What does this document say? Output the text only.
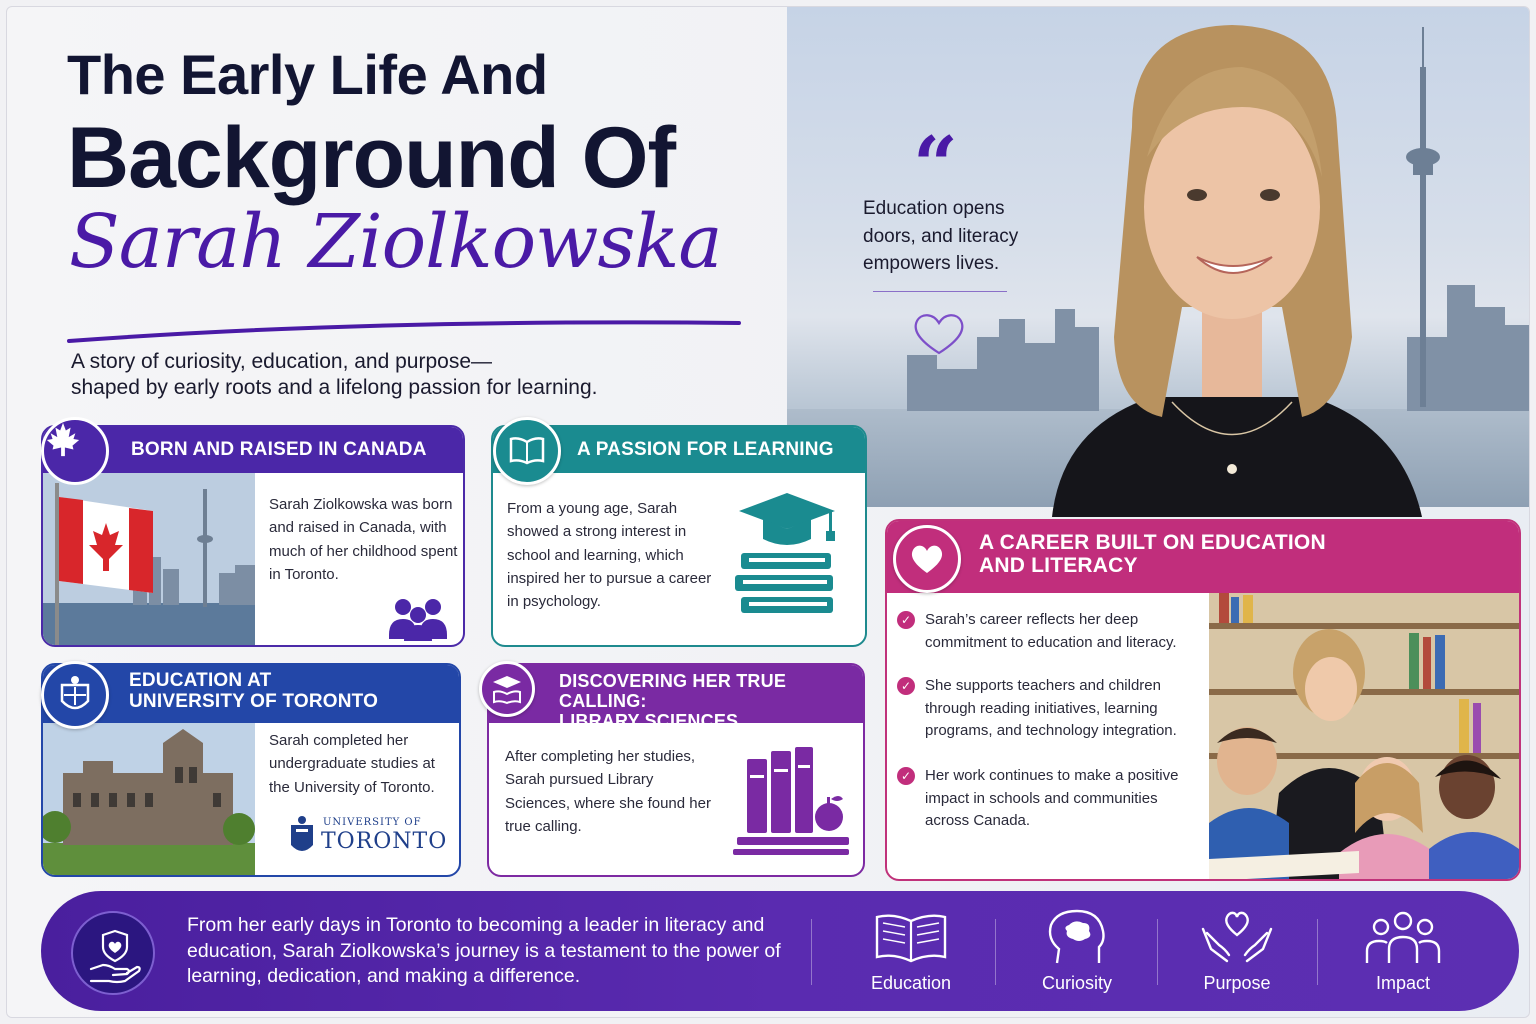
The Early Life And
Background Of
Sarah Ziolkowska
A story of curiosity, education, and purpose—
shaped by early roots and a lifelong passion for learning.
“
Education opens doors, and literacy empowers lives.
BORN AND RAISED IN CANADA
Sarah Ziolkowska was born and raised in Canada, with much of her childhood spent in Toronto.
A PASSION FOR LEARNING
From a young age, Sarah showed a strong interest in school and learning, which inspired her to pursue a career in psychology.
EDUCATION AT
UNIVERSITY OF TORONTO
Sarah completed her undergraduate studies at the University of Toronto.
UNIVERSITY OF
TORONTO
DISCOVERING HER TRUE CALLING:
LIBRARY SCIENCES
After completing her studies, Sarah pursued Library Sciences, where she found her true calling.
A CAREER BUILT ON EDUCATION
AND LITERACY
✓ Sarah’s career reflects her deep commitment to education and literacy.

✓ She supports teachers and children through reading initiatives, learning programs, and technology integration.

✓ Her work continues to make a positive impact in schools and communities across Canada.

From her early days in Toronto to becoming a leader in literacy and education, Sarah Ziolkowska’s journey is a testament to the power of learning, dedication, and making a difference.	Education	Curiosity	Purpose	Impact
